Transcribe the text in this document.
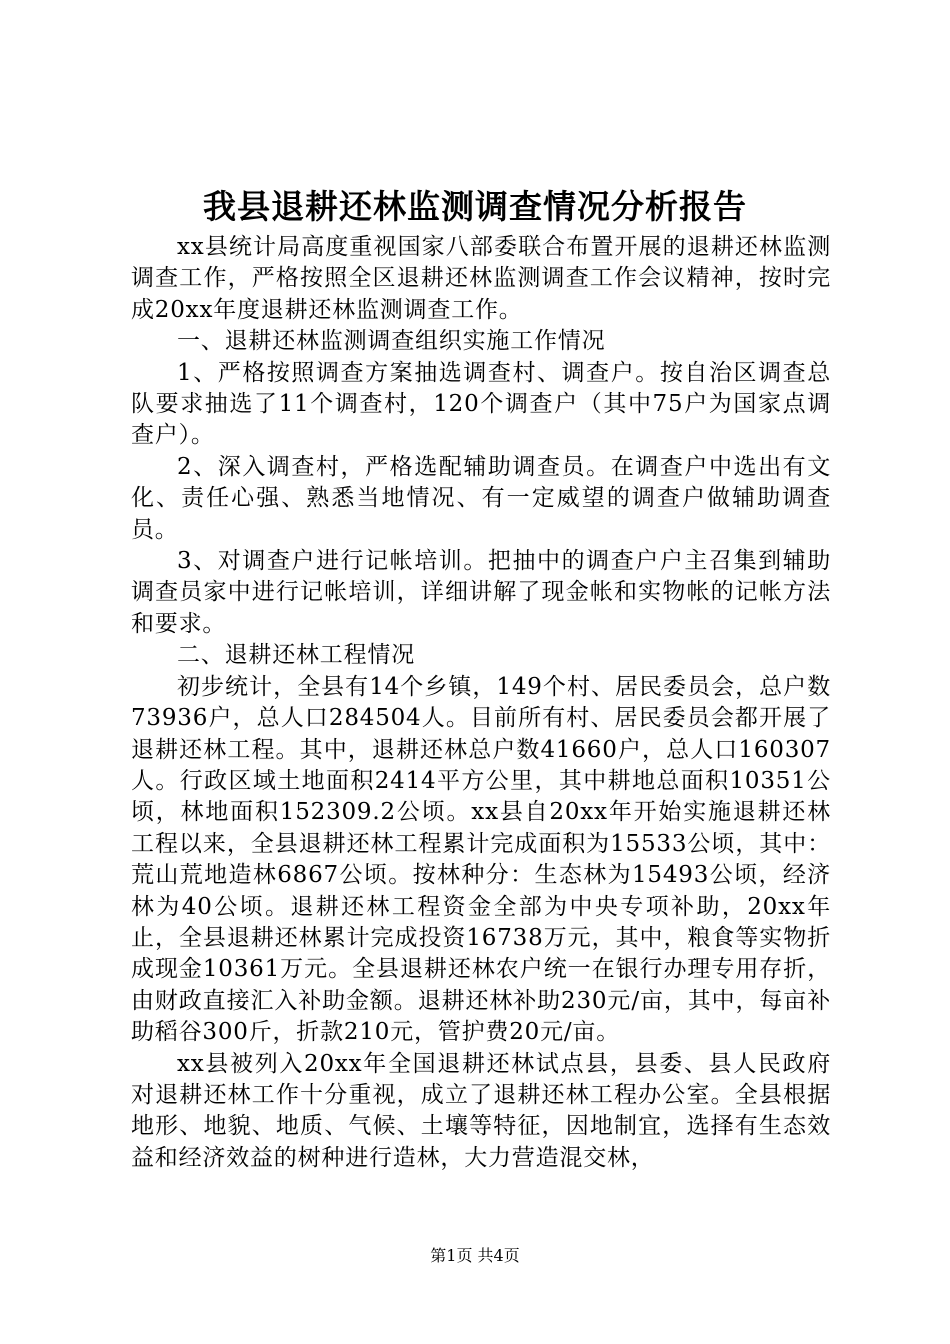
我县退耕还林监测调查情况分析报告

xx县统计局高度重视国家八部委联合布置开展的退耕还林监测调查工作，严格按照全区退耕还林监测调查工作会议精神，按时完成20xx年度退耕还林监测调查工作。

一、退耕还林监测调查组织实施工作情况

1、严格按照调查方案抽选调查村、调查户。按自治区调查总队要求抽选了11个调查村，120个调查户（其中75户为国家点调查户）。

2、深入调查村，严格选配辅助调查员。在调查户中选出有文化、责任心强、熟悉当地情况、有一定威望的调查户做辅助调查员。

3、对调查户进行记帐培训。把抽中的调查户户主召集到辅助调查员家中进行记帐培训，详细讲解了现金帐和实物帐的记帐方法和要求。

二、退耕还林工程情况

初步统计，全县有14个乡镇，149个村、居民委员会，总户数73936户，总人口284504人。目前所有村、居民委员会都开展了退耕还林工程。其中，退耕还林总户数41660户，总人口160307人。行政区域土地面积2414平方公里，其中耕地总面积10351公顷，林地面积152309.2公顷。xx县自20xx年开始实施退耕还林工程以来，全县退耕还林工程累计完成面积为15533公顷，其中：荒山荒地造林6867公顷。按林种分：生态林为15493公顷，经济林为40公顷。退耕还林工程资金全部为中央专项补助，20xx年止，全县退耕还林累计完成投资16738万元，其中，粮食等实物折成现金10361万元。全县退耕还林农户统一在银行办理专用存折，由财政直接汇入补助金额。退耕还林补助230元/亩，其中，每亩补助稻谷300斤，折款210元，管护费20元/亩。

xx县被列入20xx年全国退耕还林试点县，县委、县人民政府对退耕还林工作十分重视，成立了退耕还林工程办公室。全县根据地形、地貌、地质、气候、土壤等特征，因地制宜，选择有生态效益和经济效益的树种进行造林，大力营造混交林，

第1页 共4页
